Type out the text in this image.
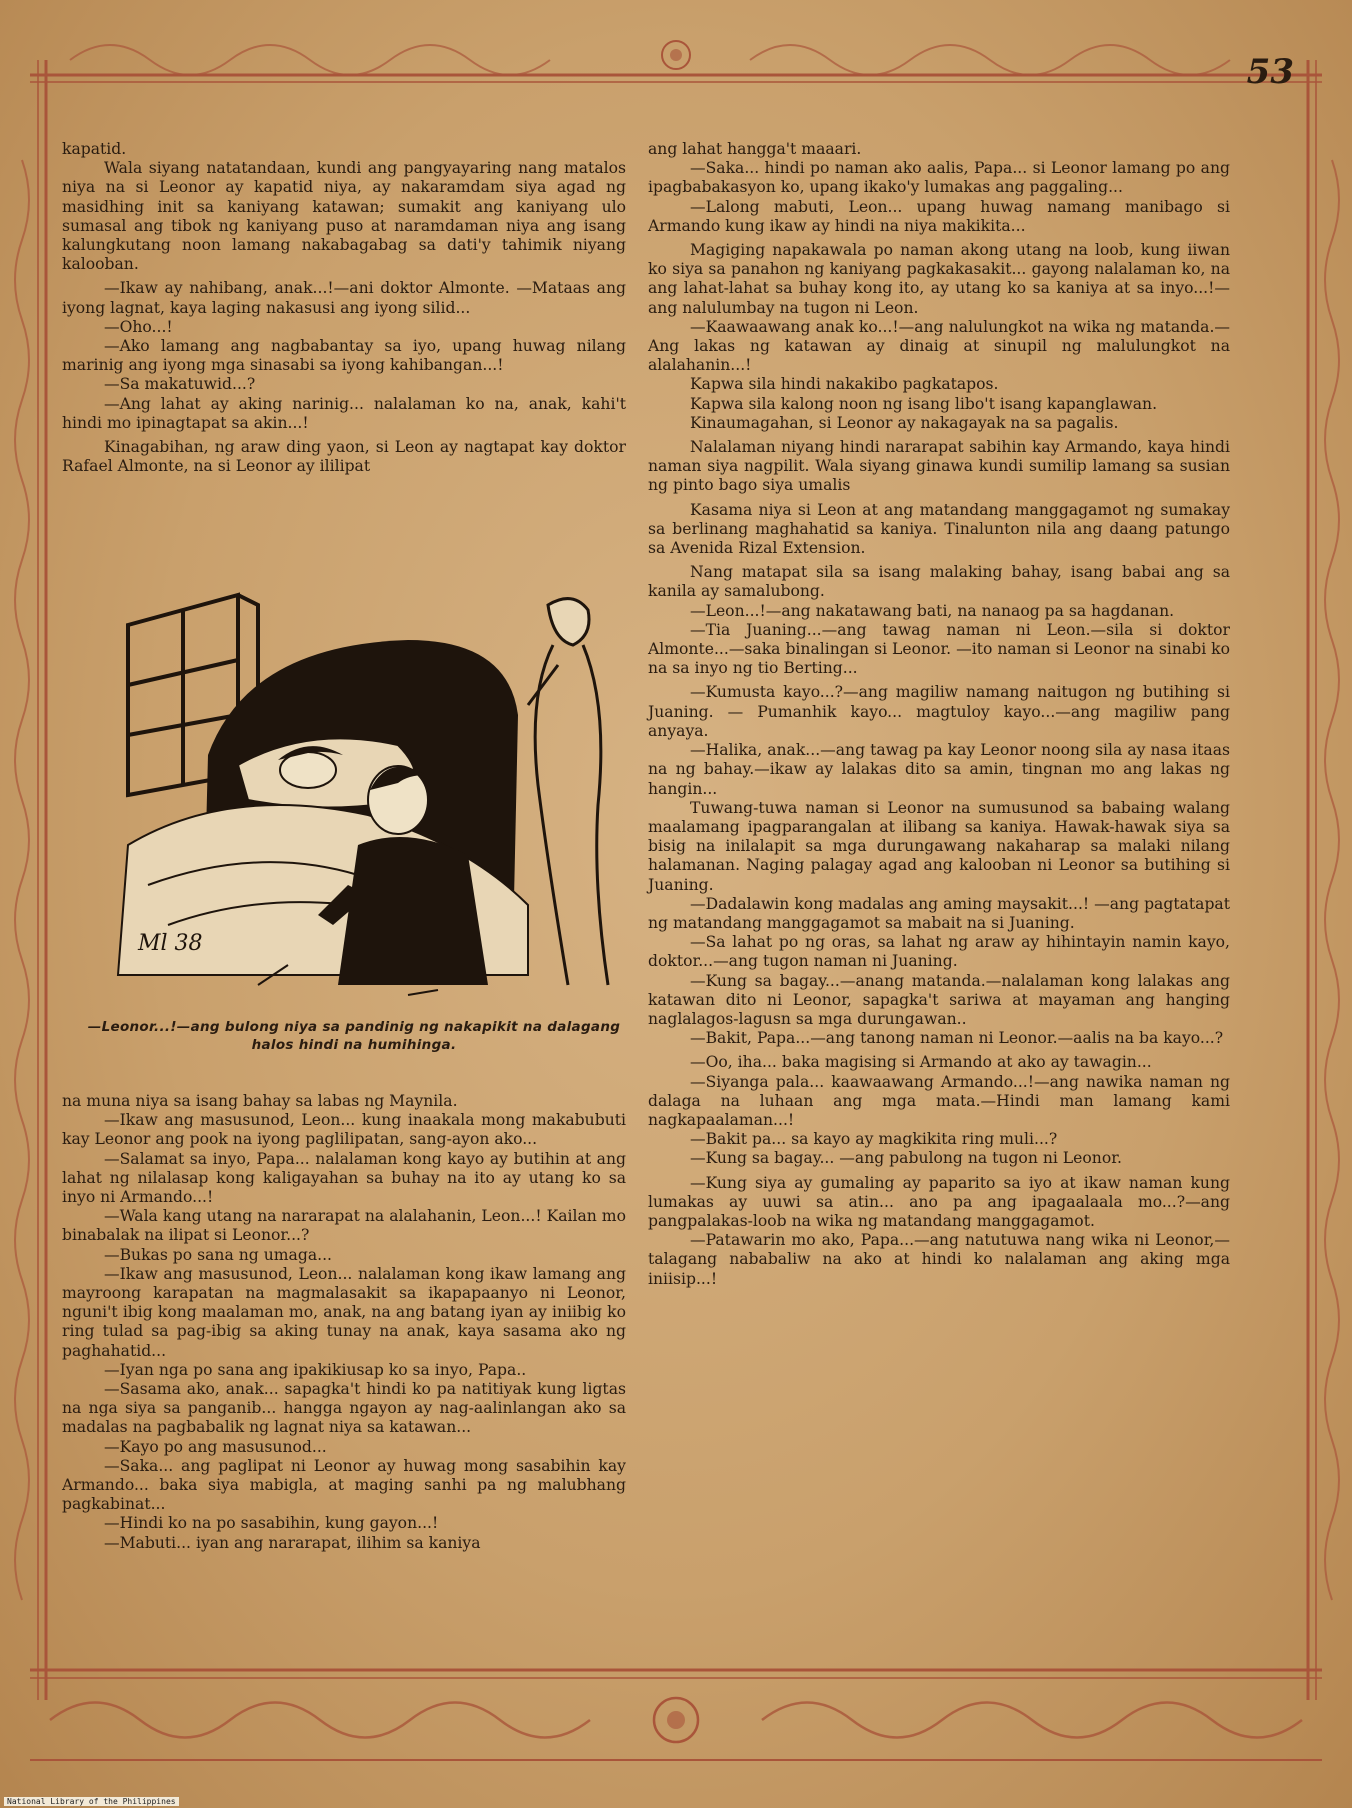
53

kapatid.

Wala siyang natatandaan, kundi ang pangyayaring nang matalos niya na si Leonor ay kapatid niya, ay nakaramdam siya agad ng masidhing init sa kaniyang katawan; sumakit ang kaniyang ulo sumasal ang tibok ng kaniyang puso at naramdaman niya ang isang kalungkutang noon lamang nakabagabag sa dati'y tahimik niyang kalooban.

—Ikaw ay nahibang, anak...!—ani doktor Almonte. —Mataas ang iyong lagnat, kaya laging nakasusi ang iyong silid...

—Oho...!

—Ako lamang ang nagbabantay sa iyo, upang huwag nilang marinig ang iyong mga sinasabi sa iyong kahibangan...!

—Sa makatuwid...?

—Ang lahat ay aking narinig... nalalaman ko na, anak, kahi't hindi mo ipinagtapat sa akin...!

Kinagabihan, ng araw ding yaon, si Leon ay nagtapat kay doktor Rafael Almonte, na si Leonor ay ililipat

Ml 38
—Leonor...!—ang bulong niya sa pandinig ng nakapikit na dalagang halos hindi na humihinga.

na muna niya sa isang bahay sa labas ng Maynila.

—Ikaw ang masusunod, Leon... kung inaakala mong makabubuti kay Leonor ang pook na iyong paglilipatan, sang-ayon ako...

—Salamat sa inyo, Papa... nalalaman kong kayo ay butihin at ang lahat ng nilalasap kong kaligayahan sa buhay na ito ay utang ko sa inyo ni Armando...!

—Wala kang utang na nararapat na alalahanin, Leon...! Kailan mo binabalak na ilipat si Leonor...?

—Bukas po sana ng umaga...

—Ikaw ang masusunod, Leon... nalalaman kong ikaw lamang ang mayroong karapatan na magmalasakit sa ikapapaanyo ni Leonor, nguni't ibig kong maalaman mo, anak, na ang batang iyan ay iniibig ko ring tulad sa pag-ibig sa aking tunay na anak, kaya sasama ako ng paghahatid...

—Iyan nga po sana ang ipakikiusap ko sa inyo, Papa..

—Sasama ako, anak... sapagka't hindi ko pa natitiyak kung ligtas na nga siya sa panganib... hangga ngayon ay nag-aalinlangan ako sa madalas na pagbabalik ng lagnat niya sa katawan...

—Kayo po ang masusunod...

—Saka... ang paglipat ni Leonor ay huwag mong sasabihin kay Armando... baka siya mabigla, at maging sanhi pa ng malubhang pagkabinat...

—Hindi ko na po sasabihin, kung gayon...!

—Mabuti... iyan ang nararapat, ilihim sa kaniya

ang lahat hangga't maaari.

—Saka... hindi po naman ako aalis, Papa... si Leonor lamang po ang ipagbabakasyon ko, upang ikako'y lumakas ang paggaling...

—Lalong mabuti, Leon... upang huwag namang manibago si Armando kung ikaw ay hindi na niya makikita...

Magiging napakawala po naman akong utang na loob, kung iiwan ko siya sa panahon ng kaniyang pagkakasakit... gayong nalalaman ko, na ang lahat-lahat sa buhay kong ito, ay utang ko sa kaniya at sa inyo...!—ang nalulumbay na tugon ni Leon.

—Kaawaawang anak ko...!—ang nalulungkot na wika ng matanda.—Ang lakas ng katawan ay dinaig at sinupil ng malulungkot na alalahanin...!

Kapwa sila hindi nakakibo pagkatapos.

Kapwa sila kalong noon ng isang libo't isang kapanglawan.

Kinaumagahan, si Leonor ay nakagayak na sa pagalis.

Nalalaman niyang hindi nararapat sabihin kay Armando, kaya hindi naman siya nagpilit. Wala siyang ginawa kundi sumilip lamang sa susian ng pinto bago siya umalis

Kasama niya si Leon at ang matandang manggagamot ng sumakay sa berlinang maghahatid sa kaniya. Tinalunton nila ang daang patungo sa Avenida Rizal Extension.

Nang matapat sila sa isang malaking bahay, isang babai ang sa kanila ay samalubong.

—Leon...!—ang nakatawang bati, na nanaog pa sa hagdanan.

—Tia Juaning...—ang tawag naman ni Leon.—sila si doktor Almonte...—saka binalingan si Leonor. —ito naman si Leonor na sinabi ko na sa inyo ng tio Berting...

—Kumusta kayo...?—ang magiliw namang naitugon ng butihing si Juaning. — Pumanhik kayo... magtuloy kayo...—ang magiliw pang anyaya.

—Halika, anak...—ang tawag pa kay Leonor noong sila ay nasa itaas na ng bahay.—ikaw ay lalakas dito sa amin, tingnan mo ang lakas ng hangin...

Tuwang-tuwa naman si Leonor na sumusunod sa babaing walang maalamang ipagparangalan at ilibang sa kaniya. Hawak-hawak siya sa bisig na inilalapit sa mga durungawang nakaharap sa malaki nilang halamanan. Naging palagay agad ang kalooban ni Leonor sa butihing si Juaning.

—Dadalawin kong madalas ang aming maysakit...! —ang pagtatapat ng matandang manggagamot sa mabait na si Juaning.

—Sa lahat po ng oras, sa lahat ng araw ay hihintayin namin kayo, doktor...—ang tugon naman ni Juaning.

—Kung sa bagay...—anang matanda.—nalalaman kong lalakas ang katawan dito ni Leonor, sapagka't sariwa at mayaman ang hanging naglalagos-lagusn sa mga durungawan..

—Bakit, Papa...—ang tanong naman ni Leonor.—aalis na ba kayo...?

—Oo, iha... baka magising si Armando at ako ay tawagin...

—Siyanga pala... kaawaawang Armando...!—ang nawika naman ng dalaga na luhaan ang mga mata.—Hindi man lamang kami nagkapaalaman...!

—Bakit pa... sa kayo ay magkikita ring muli...?

—Kung sa bagay... —ang pabulong na tugon ni Leonor.

—Kung siya ay gumaling ay paparito sa iyo at ikaw naman kung lumakas ay uuwi sa atin... ano pa ang ipagaalaala mo...?—ang pangpalakas-loob na wika ng matandang manggagamot.

—Patawarin mo ako, Papa...—ang natutuwa nang wika ni Leonor,—talagang nababaliw na ako at hindi ko nalalaman ang aking mga iniisip...!

National Library of the Philippines
